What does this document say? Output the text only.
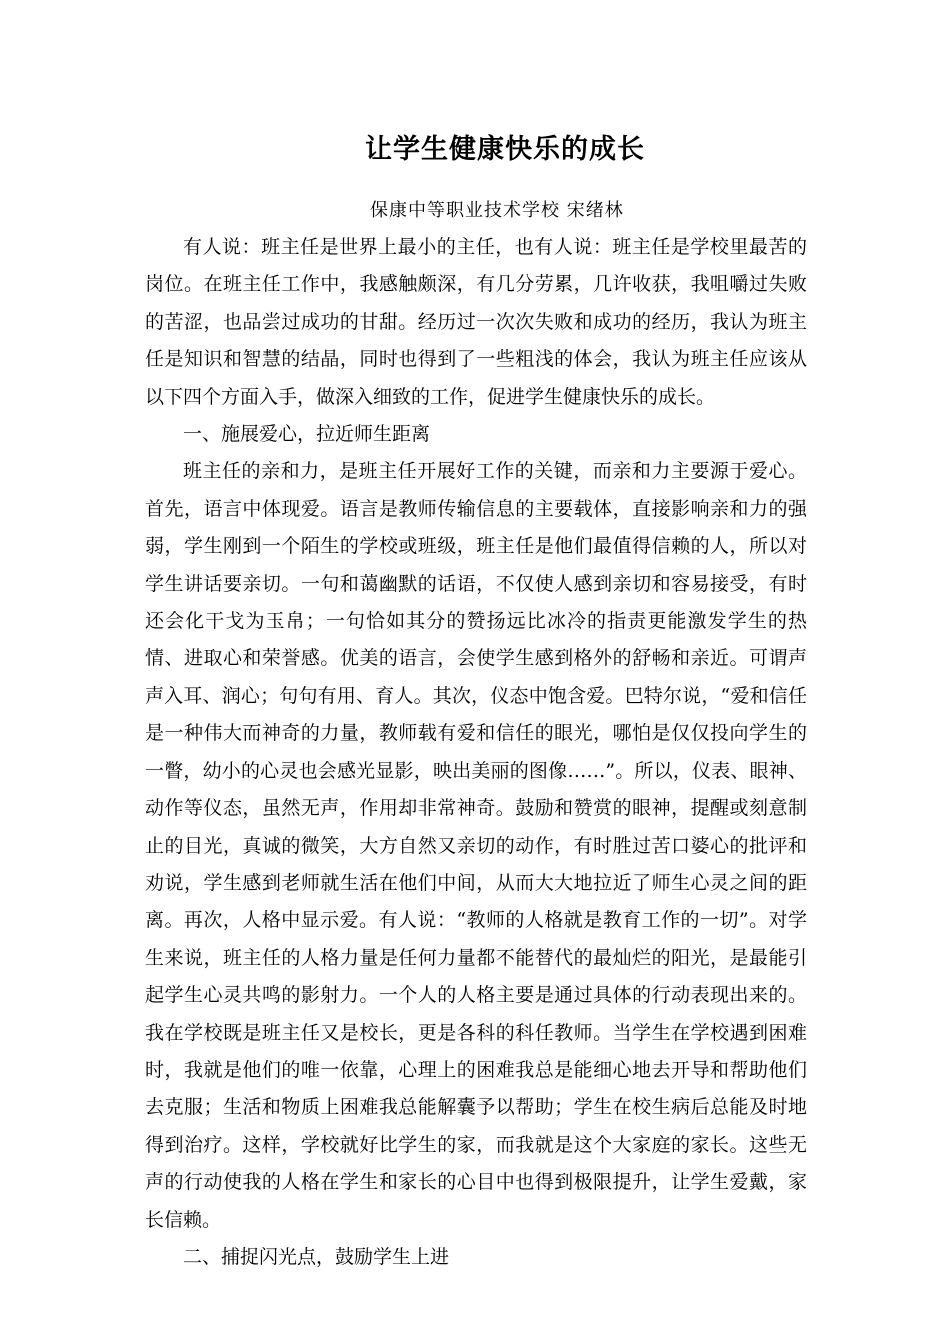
让学生健康快乐的成长

保康中等职业技术学校 宋绪林

有人说：班主任是世界上最小的主任，也有人说：班主任是学校里最苦的岗位。在班主任工作中，我感触颇深，有几分劳累，几许收获，我咀嚼过失败的苦涩，也品尝过成功的甘甜。经历过一次次失败和成功的经历，我认为班主任是知识和智慧的结晶，同时也得到了一些粗浅的体会，我认为班主任应该从以下四个方面入手，做深入细致的工作，促进学生健康快乐的成长。

一、施展爱心，拉近师生距离

班主任的亲和力，是班主任开展好工作的关键，而亲和力主要源于爱心。首先，语言中体现爱。语言是教师传输信息的主要载体，直接影响亲和力的强弱，学生刚到一个陌生的学校或班级，班主任是他们最值得信赖的人，所以对学生讲话要亲切。一句和蔼幽默的话语，不仅使人感到亲切和容易接受，有时还会化干戈为玉帛；一句恰如其分的赞扬远比冰冷的指责更能激发学生的热情、进取心和荣誉感。优美的语言，会使学生感到格外的舒畅和亲近。可谓声声入耳、润心；句句有用、育人。其次，仪态中饱含爱。巴特尔说，“爱和信任是一种伟大而神奇的力量，教师载有爱和信任的眼光，哪怕是仅仅投向学生的一瞥，幼小的心灵也会感光显影，映出美丽的图像……”。所以，仪表、眼神、动作等仪态，虽然无声，作用却非常神奇。鼓励和赞赏的眼神，提醒或刻意制止的目光，真诚的微笑，大方自然又亲切的动作，有时胜过苦口婆心的批评和劝说，学生感到老师就生活在他们中间，从而大大地拉近了师生心灵之间的距离。再次，人格中显示爱。有人说：“教师的人格就是教育工作的一切”。对学生来说，班主任的人格力量是任何力量都不能替代的最灿烂的阳光，是最能引起学生心灵共鸣的影射力。一个人的人格主要是通过具体的行动表现出来的。我在学校既是班主任又是校长，更是各科的科任教师。当学生在学校遇到困难时，我就是他们的唯一依靠，心理上的困难我总是能细心地去开导和帮助他们去克服；生活和物质上困难我总能解囊予以帮助；学生在校生病后总能及时地得到治疗。这样，学校就好比学生的家，而我就是这个大家庭的家长。这些无声的行动使我的人格在学生和家长的心目中也得到极限提升，让学生爱戴，家长信赖。

二、捕捉闪光点，鼓励学生上进
